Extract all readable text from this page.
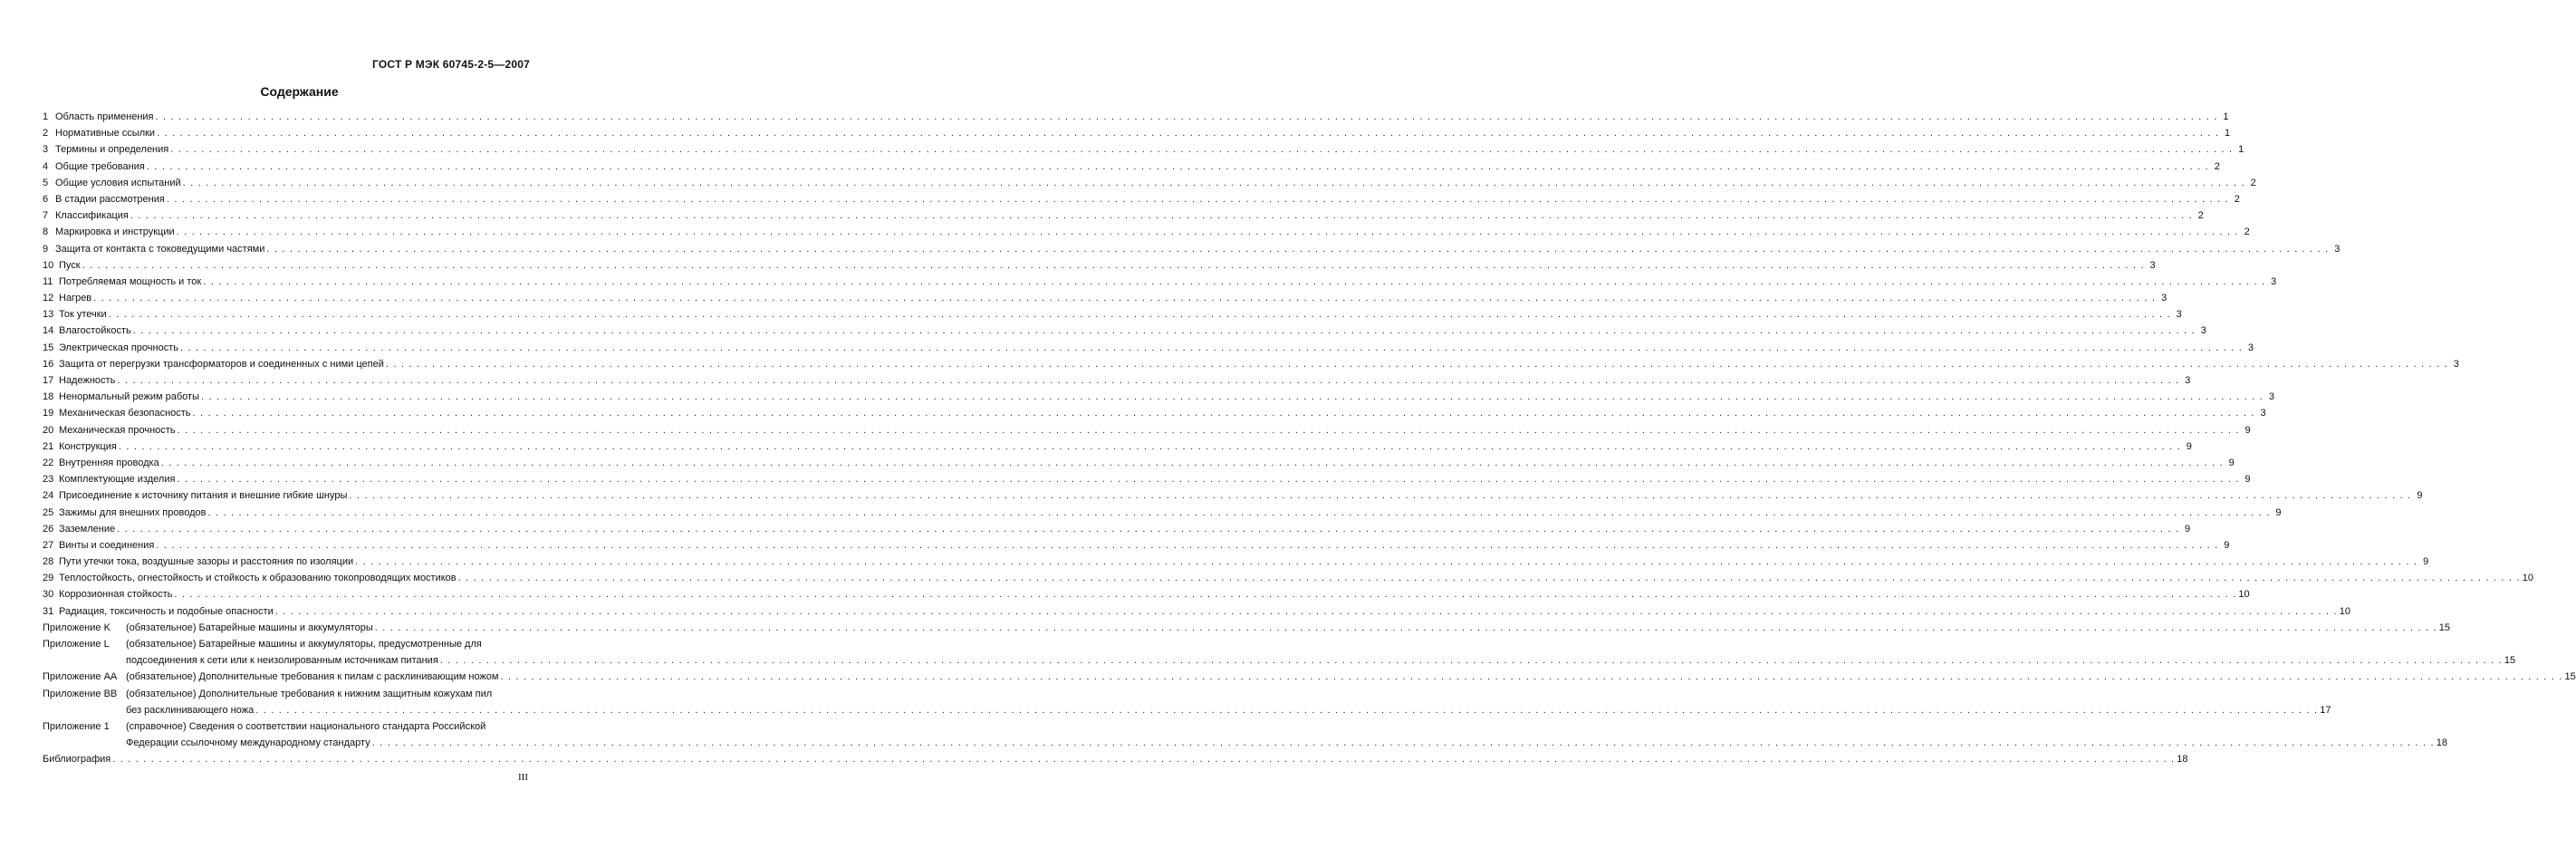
ГОСТ Р МЭК 60745-2-5—2007
Содержание
1 Область применения . . .	1
2 Нормативные ссылки . . .	1
3 Термины и определения . . .	1
4 Общие требования . . .	2
5 Общие условия испытаний . . .	2
6 В стадии рассмотрения . . .	2
7 Классификация . . .	2
8 Маркировка и инструкции . . .	2
9 Защита от контакта с токоведущими частями . . .	3
10 Пуск . . .	3
11 Потребляемая мощность и ток . . .	3
12 Нагрев . . .	3
13 Ток утечки . . .	3
14 Влагостойкость . . .	3
15 Электрическая прочность . . .	3
16 Защита от перегрузки трансформаторов и соединенных с ними цепей . . .	3
17 Надежность . . .	3
18 Ненормальный режим работы . . .	3
19 Механическая безопасность . . .	3
20 Механическая прочность . . .	9
21 Конструкция . . .	9
22 Внутренняя проводка . . .	9
23 Комплектующие изделия . . .	9
24 Присоединение к источнику питания и внешние гибкие шнуры . . .	9
25 Зажимы для внешних проводов . . .	9
26 Заземление . . .	9
27 Винты и соединения . . .	9
28 Пути утечки тока, воздушные зазоры и расстояния по изоляции . . .	9
29 Теплостойкость, огнестойкость и стойкость к образованию токопроводящих мостиков . . .	10
30 Коррозионная стойкость . . .	10
31 Радиация, токсичность и подобные опасности . . .	10
Приложение K	(обязательное) Батарейные машины и аккумуляторы . . .	15
Приложение L	(обязательное) Батарейные машины и аккумуляторы, предусмотренные для
подсоединения к сети или к неизолированным источникам питания . . .	15
Приложение AA (обязательное) Дополнительные требования к пилам с расклинивающим ножом . . .	15
Приложение BB (обязательное) Дополнительные требования к нижним защитным кожухам пил
без расклинивающего ножа . . .	17
Приложение 1	(справочное) Сведения о соответствии национального стандарта Российской
Федерации ссылочному международному стандарту . . .	18
Библиография . . .	18
III
